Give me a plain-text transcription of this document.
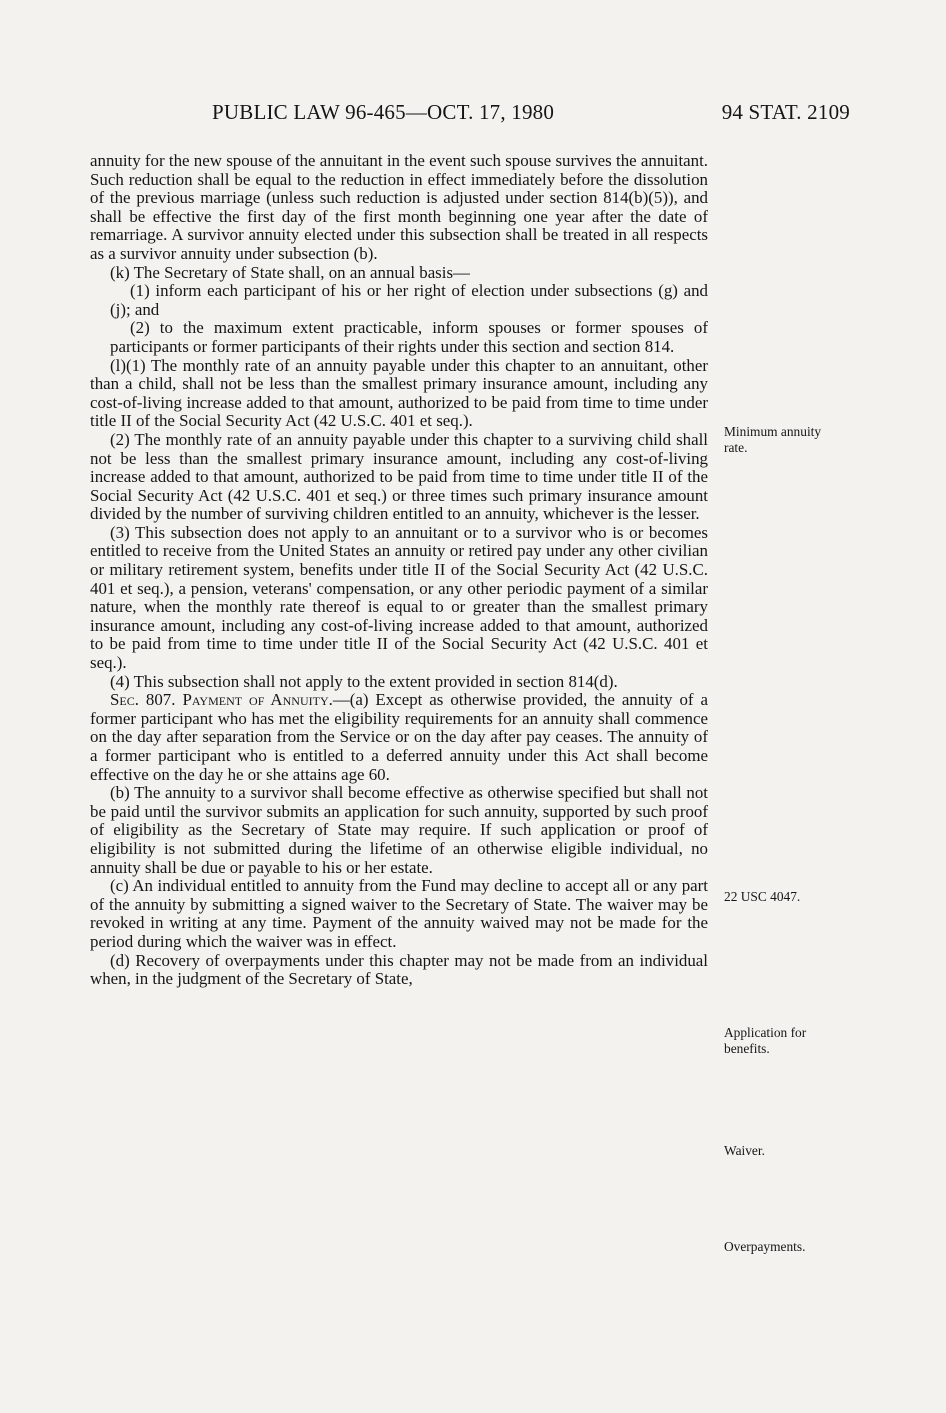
PUBLIC LAW 96-465—OCT. 17, 1980	94 STAT. 2109

annuity for the new spouse of the annuitant in the event such spouse survives the annuitant. Such reduction shall be equal to the reduction in effect immediately before the dissolution of the previous marriage (unless such reduction is adjusted under section 814(b)(5)), and shall be effective the first day of the first month beginning one year after the date of remarriage. A survivor annuity elected under this subsection shall be treated in all respects as a survivor annuity under subsection (b).

(k) The Secretary of State shall, on an annual basis—

(1) inform each participant of his or her right of election under subsections (g) and (j); and

(2) to the maximum extent practicable, inform spouses or former spouses of participants or former participants of their rights under this section and section 814.

(l)(1) The monthly rate of an annuity payable under this chapter to an annuitant, other than a child, shall not be less than the smallest primary insurance amount, including any cost-of-living increase added to that amount, authorized to be paid from time to time under title II of the Social Security Act (42 U.S.C. 401 et seq.).

(2) The monthly rate of an annuity payable under this chapter to a surviving child shall not be less than the smallest primary insurance amount, including any cost-of-living increase added to that amount, authorized to be paid from time to time under title II of the Social Security Act (42 U.S.C. 401 et seq.) or three times such primary insurance amount divided by the number of surviving children entitled to an annuity, whichever is the lesser.

(3) This subsection does not apply to an annuitant or to a survivor who is or becomes entitled to receive from the United States an annuity or retired pay under any other civilian or military retirement system, benefits under title II of the Social Security Act (42 U.S.C. 401 et seq.), a pension, veterans' compensation, or any other periodic payment of a similar nature, when the monthly rate thereof is equal to or greater than the smallest primary insurance amount, including any cost-of-living increase added to that amount, authorized to be paid from time to time under title II of the Social Security Act (42 U.S.C. 401 et seq.).

(4) This subsection shall not apply to the extent provided in section 814(d).

Sec. 807. Payment of Annuity.—(a) Except as otherwise provided, the annuity of a former participant who has met the eligibility requirements for an annuity shall commence on the day after separation from the Service or on the day after pay ceases. The annuity of a former participant who is entitled to a deferred annuity under this Act shall become effective on the day he or she attains age 60.

(b) The annuity to a survivor shall become effective as otherwise specified but shall not be paid until the survivor submits an application for such annuity, supported by such proof of eligibility as the Secretary of State may require. If such application or proof of eligibility is not submitted during the lifetime of an otherwise eligible individual, no annuity shall be due or payable to his or her estate.

(c) An individual entitled to annuity from the Fund may decline to accept all or any part of the annuity by submitting a signed waiver to the Secretary of State. The waiver may be revoked in writing at any time. Payment of the annuity waived may not be made for the period during which the waiver was in effect.

(d) Recovery of overpayments under this chapter may not be made from an individual when, in the judgment of the Secretary of State,

Minimum annuity rate.
22 USC 4047.
Application for benefits.
Waiver.
Overpayments.
